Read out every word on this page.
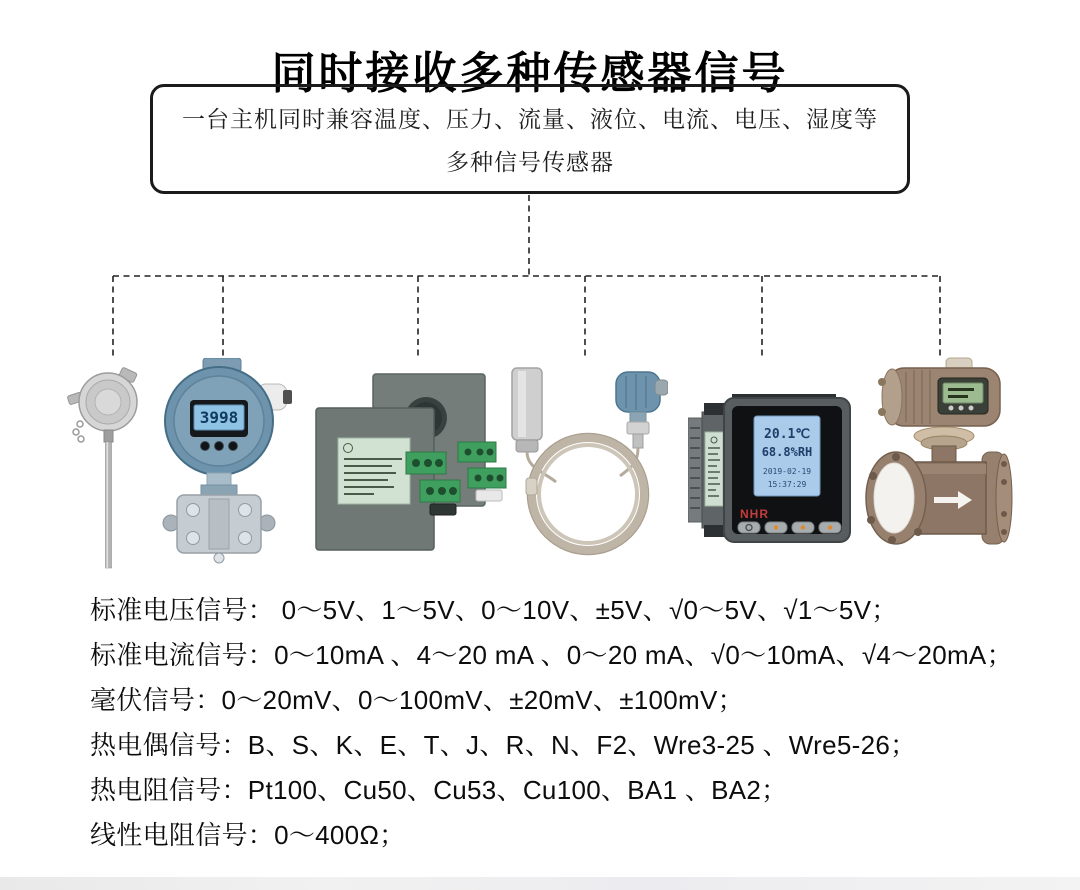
同时接收多种传感器信号
一台主机同时兼容温度、压力、流量、液位、电流、电压、湿度等
多种信号传感器
3998
20.1℃
68.8%RH
2019-02-19
15:37:29
NHR
标准电压信号： 0～5V、1～5V、0～10V、±5V、√0～5V、√1～5V；
标准电流信号：0～10mA 、4～20 mA 、0～20 mA、√0～10mA、√4～20mA；
毫伏信号：0～20mV、0～100mV、±20mV、±100mV；
热电偶信号：B、S、K、E、T、J、R、N、F2、Wre3-25 、Wre5-26；
热电阻信号：Pt100、Cu50、Cu53、Cu100、BA1 、BA2；
线性电阻信号：0～400Ω；
